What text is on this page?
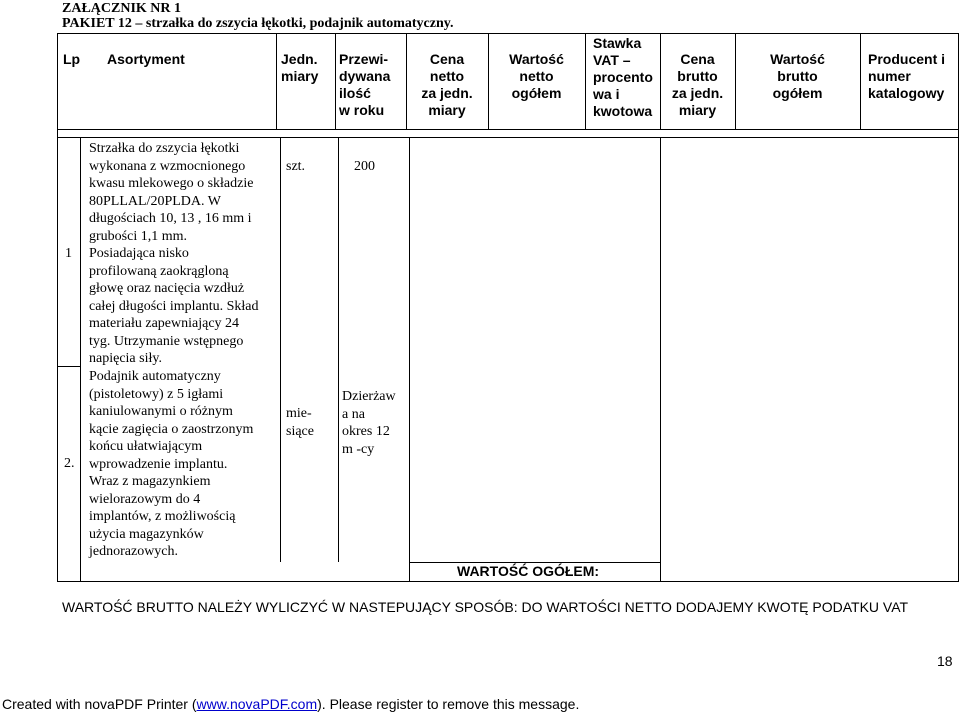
ZAŁĄCZNIK NR 1
PAKIET 12 – strzałka do zszycia łękotki, podajnik automatyczny.
Lp Asortyment	Jedn.
miary
Przewi-
dywana
ilość
w roku
Cena
netto
za jedn.
miary
Wartość
netto
ogółem
Stawka
VAT –
procento
wa i
kwotowa
Cena
brutto
za jedn.
miary
Wartość
brutto
ogółem
Producent i
numer
katalogowy
1
Strzałka do zszycia łękotki
wykonana z wzmocnionego
kwasu mlekowego o składzie
80PLLAL/20PLDA. W
długościach 10, 13 , 16 mm i
grubości 1,1 mm.
Posiadająca nisko
profilowaną zaokrągloną
głowę oraz nacięcia wzdłuż
całej długości implantu. Skład
materiału zapewniający 24
tyg. Utrzymanie wstępnego
napięcia siły.
szt.	200
2.
Podajnik automatyczny
(pistoletowy) z 5 igłami
kaniulowanymi o różnym
kącie zagięcia o zaostrzonym
końcu ułatwiającym
wprowadzenie implantu.
Wraz z magazynkiem
wielorazowym do 4
implantów, z możliwością
użycia magazynków
jednorazowych.
mie-
siące
Dzierżaw
a na
okres 12
m -cy
WARTOŚĆ OGÓŁEM:
WARTOŚĆ BRUTTO NALEŻY WYLICZYĆ W NASTEPUJĄCY SPOSÓB: DO WARTOŚCI NETTO DODAJEMY KWOTĘ PODATKU VAT
18
Created with novaPDF Printer (www.novaPDF.com). Please register to remove this message.
